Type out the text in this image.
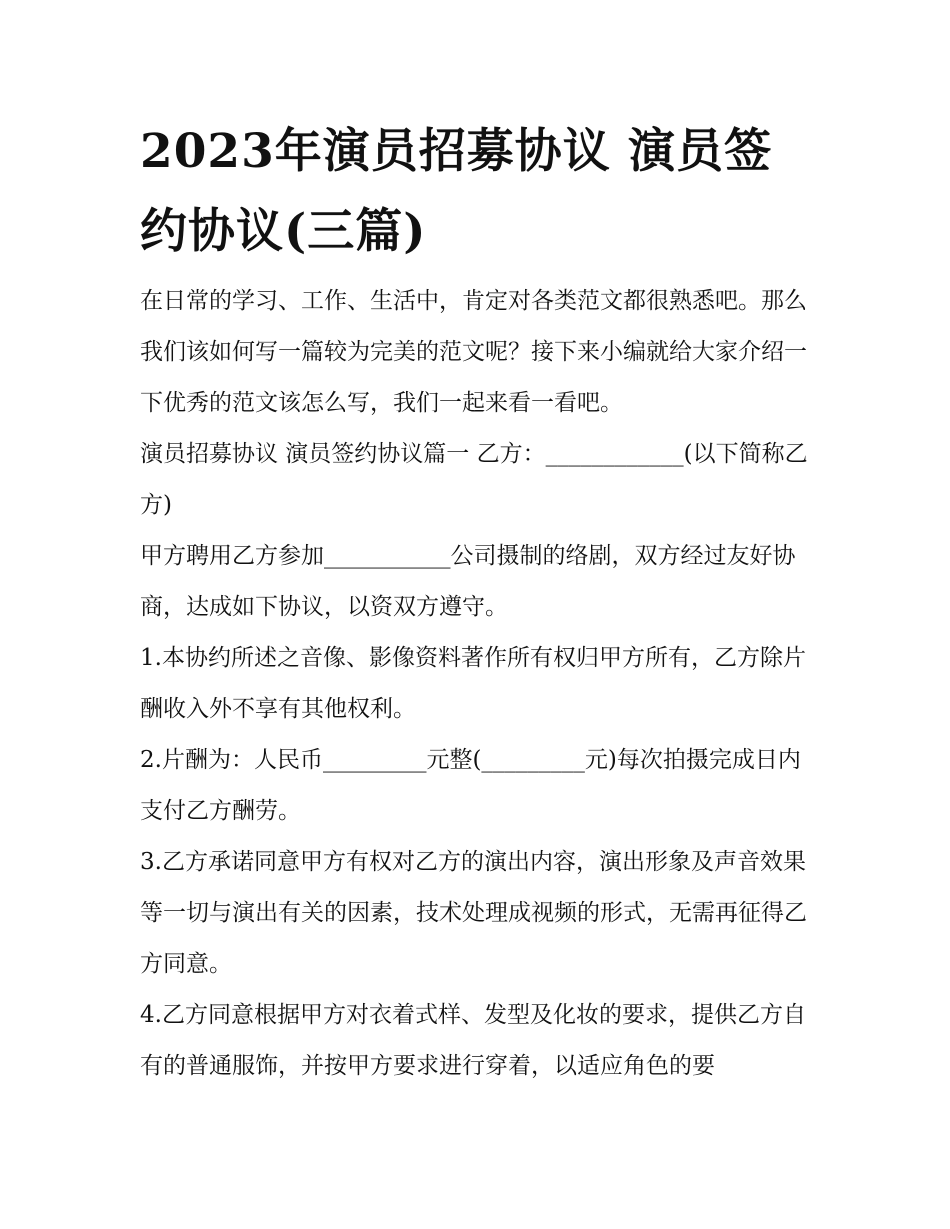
2023年演员招募协议 演员签约协议(三篇)

在日常的学习、工作、生活中，肯定对各类范文都很熟悉吧。那么我们该如何写一篇较为完美的范文呢？接下来小编就给大家介绍一下优秀的范文该怎么写，我们一起来看一看吧。

演员招募协议 演员签约协议篇一 乙方：____________(以下简称乙方)

甲方聘用乙方参加___________公司摄制的络剧，双方经过友好协商，达成如下协议，以资双方遵守。

1.本协约所述之音像、影像资料著作所有权归甲方所有，乙方除片酬收入外不享有其他权利。

2.片酬为：人民币_________元整(_________元)每次拍摄完成日内支付乙方酬劳。

3.乙方承诺同意甲方有权对乙方的演出内容，演出形象及声音效果等一切与演出有关的因素，技术处理成视频的形式，无需再征得乙方同意。

4.乙方同意根据甲方对衣着式样、发型及化妆的要求，提供乙方自有的普通服饰，并按甲方要求进行穿着，以适应角色的要
